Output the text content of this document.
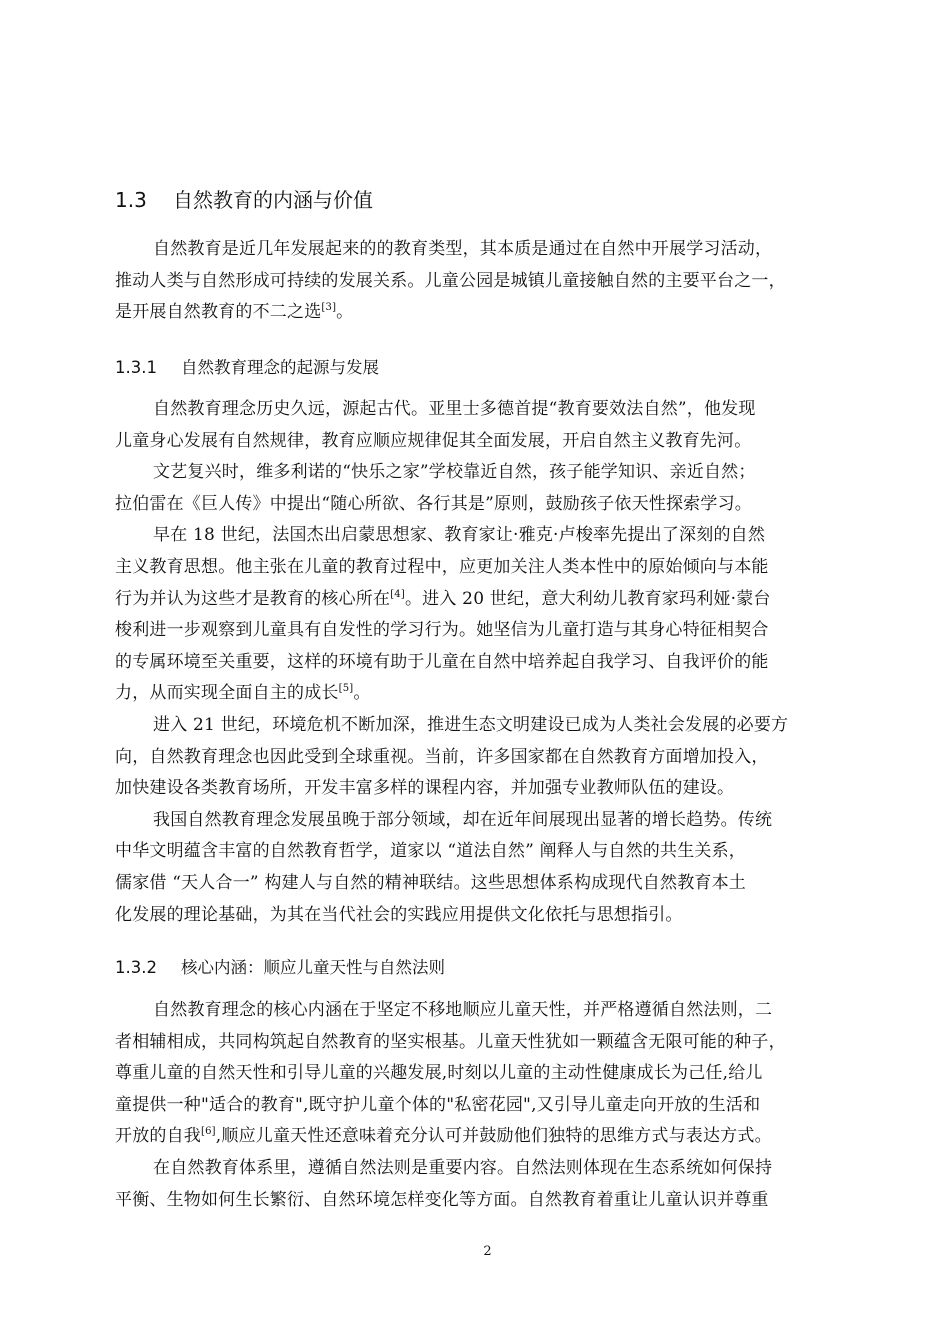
1.3 自然教育的内涵与价值
自然教育是近几年发展起来的的教育类型，其本质是通过在自然中开展学习活动，
推动人类与自然形成可持续的发展关系。儿童公园是城镇儿童接触自然的主要平台之一，
是开展自然教育的不二之选[3]。
1.3.1 自然教育理念的起源与发展
自然教育理念历史久远，源起古代。亚里士多德首提“教育要效法自然”，他发现
儿童身心发展有自然规律，教育应顺应规律促其全面发展，开启自然主义教育先河。
文艺复兴时，维多利诺的“快乐之家”学校靠近自然，孩子能学知识、亲近自然；
拉伯雷在《巨人传》中提出“随心所欲、各行其是”原则，鼓励孩子依天性探索学习。
早在 18 世纪，法国杰出启蒙思想家、教育家让·雅克·卢梭率先提出了深刻的自然
主义教育思想。他主张在儿童的教育过程中，应更加关注人类本性中的原始倾向与本能
行为并认为这些才是教育的核心所在[4]。进入 20 世纪，意大利幼儿教育家玛利娅·蒙台
梭利进一步观察到儿童具有自发性的学习行为。她坚信为儿童打造与其身心特征相契合
的专属环境至关重要，这样的环境有助于儿童在自然中培养起自我学习、自我评价的能
力，从而实现全面自主的成长[5]。
进入 21 世纪，环境危机不断加深，推进生态文明建设已成为人类社会发展的必要方
向，自然教育理念也因此受到全球重视。当前，许多国家都在自然教育方面增加投入，
加快建设各类教育场所，开发丰富多样的课程内容，并加强专业教师队伍的建设。
我国自然教育理念发展虽晚于部分领域，却在近年间展现出显著的增长趋势。传统
中华文明蕴含丰富的自然教育哲学，道家以 “道法自然” 阐释人与自然的共生关系，
儒家借 “天人合一” 构建人与自然的精神联结。这些思想体系构成现代自然教育本土
化发展的理论基础，为其在当代社会的实践应用提供文化依托与思想指引。
1.3.2 核心内涵：顺应儿童天性与自然法则
自然教育理念的核心内涵在于坚定不移地顺应儿童天性，并严格遵循自然法则，二
者相辅相成，共同构筑起自然教育的坚实根基。儿童天性犹如一颗蕴含无限可能的种子，
尊重儿童的自然天性和引导儿童的兴趣发展,时刻以儿童的主动性健康成长为己任,给儿
童提供一种"适合的教育",既守护儿童个体的"私密花园",又引导儿童走向开放的生活和
开放的自我[6],顺应儿童天性还意味着充分认可并鼓励他们独特的思维方式与表达方式。
在自然教育体系里，遵循自然法则是重要内容。自然法则体现在生态系统如何保持
平衡、生物如何生长繁衍、自然环境怎样变化等方面。自然教育着重让儿童认识并尊重
2
